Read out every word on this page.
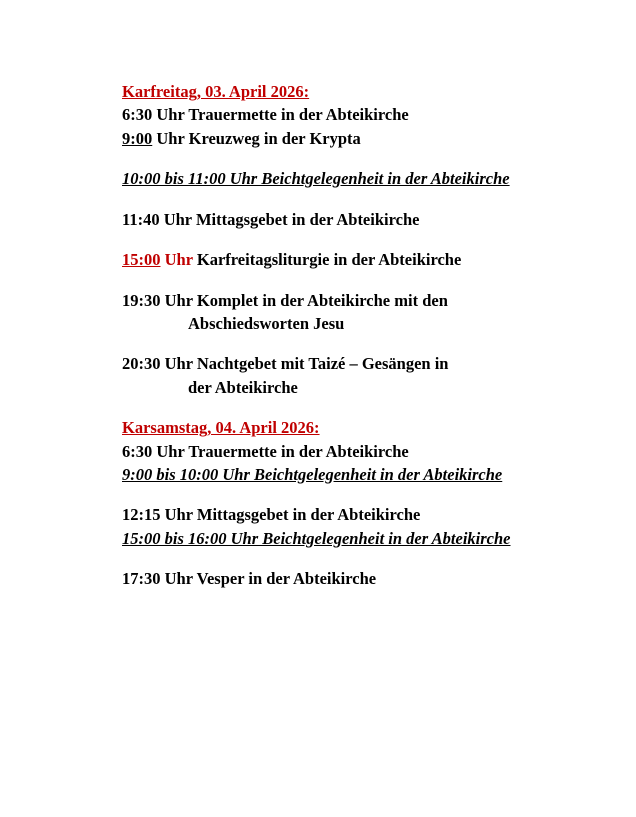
Karfreitag, 03. April 2026:
6:30 Uhr Trauermette in der Abteikirche
9:00 Uhr Kreuzweg in der Krypta
10:00 bis 11:00 Uhr Beichtgelegenheit in der Abteikirche
11:40 Uhr Mittagsgebet in der Abteikirche
15:00 Uhr Karfreitagsliturgie in der Abteikirche
19:30 Uhr Komplet in der Abteikirche mit den
Abschiedsworten Jesu
20:30 Uhr Nachtgebet mit Taizé – Gesängen in
der Abteikirche
Karsamstag, 04. April 2026:
6:30 Uhr Trauermette in der Abteikirche
9:00 bis 10:00 Uhr Beichtgelegenheit in der Abteikirche
12:15 Uhr Mittagsgebet in der Abteikirche
15:00 bis 16:00 Uhr Beichtgelegenheit in der Abteikirche
17:30 Uhr Vesper in der Abteikirche
